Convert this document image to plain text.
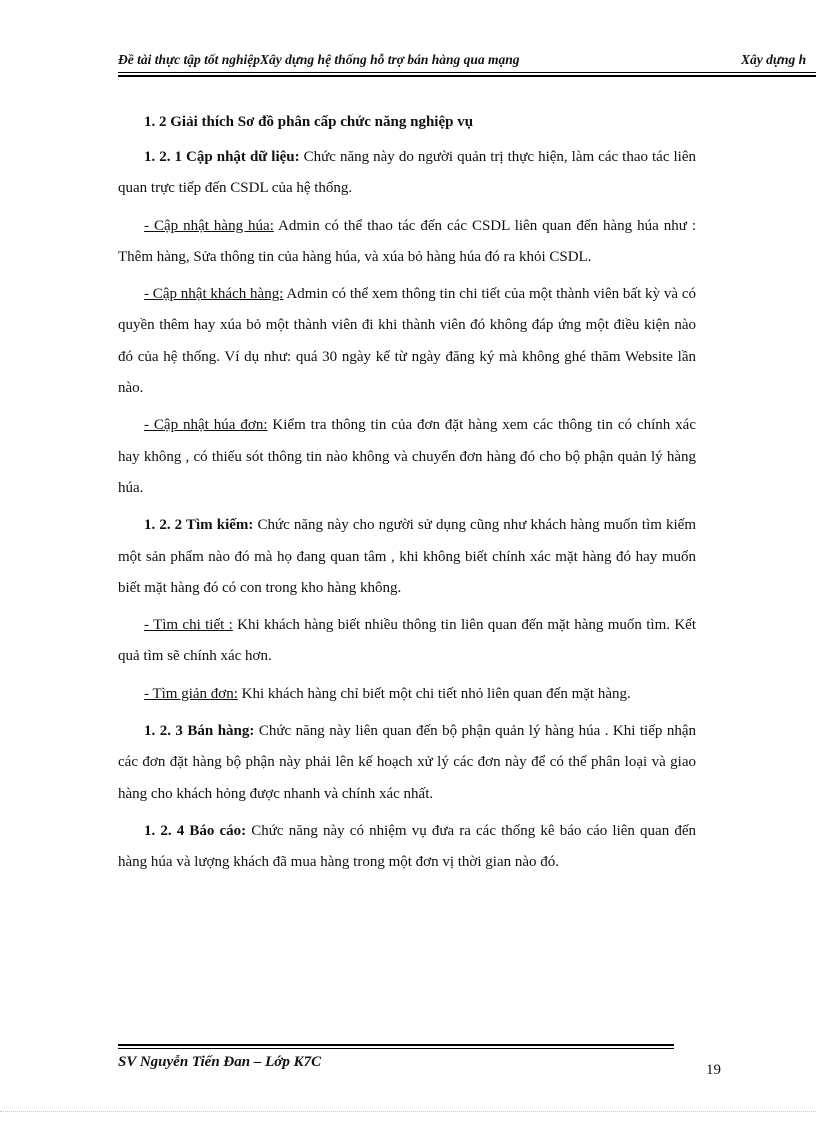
Đề tài thực tập tốt nghiệpXây dựng hệ thống hỗ trợ bán hàng qua mạng	Xây dựng h
1. 2 Giải thích Sơ đồ phân cấp chức năng nghiệp vụ

1. 2. 1 Cập nhật dữ liệu: Chức năng này do người quản trị thực hiện, làm các thao tác liên quan trực tiếp đến CSDL của hệ thống.

- Cập nhật hàng húa: Admin có thể thao tác đến các CSDL liên quan đến hàng húa như : Thêm hàng, Sửa thông tin của hàng húa, và xúa bỏ hàng húa đó ra khỏi CSDL.

- Cập nhật khách hàng: Admin có thể xem thông tin chi tiết của một thành viên bất kỳ và có quyền thêm hay xúa bỏ một thành viên đi khi thành viên đó không đáp ứng một điều kiện nào đó của hệ thống. Ví dụ như: quá 30 ngày kể từ ngày đăng ký mà không ghé thăm Website lần nào.

- Cập nhật húa đơn: Kiểm tra thông tin của đơn đặt hàng xem các thông tin có chính xác hay không , có thiếu sót thông tin nào không và chuyển đơn hàng đó cho bộ phận quản lý hàng húa.

1. 2. 2 Tìm kiếm: Chức năng này cho người sử dụng cũng như khách hàng muốn tìm kiếm một sản phẩm nào đó mà họ đang quan tâm , khi không biết chính xác mặt hàng đó hay muốn biết mặt hàng đó có con trong kho hàng không.

- Tìm chi tiết : Khi khách hàng biết nhiều thông tin liên quan đến mặt hàng muốn tìm. Kết quả tìm sẽ chính xác hơn.

- Tìm giản đơn: Khi khách hàng chỉ biết một chi tiết nhỏ liên quan đến mặt hàng.

1. 2. 3 Bán hàng: Chức năng này liên quan đến bộ phận quản lý hàng húa . Khi tiếp nhận các đơn đặt hàng bộ phận này phải lên kế hoạch xử lý các đơn này để có thể phân loại và giao hàng cho khách hỏng được nhanh và chính xác nhất.

1. 2. 4 Báo cáo: Chức năng này có nhiệm vụ đưa ra các thống kê báo cáo liên quan đến hàng húa và lượng khách đã mua hàng trong một đơn vị thời gian nào đó.

SV Nguyễn Tiến Đan – Lớp K7C	19
